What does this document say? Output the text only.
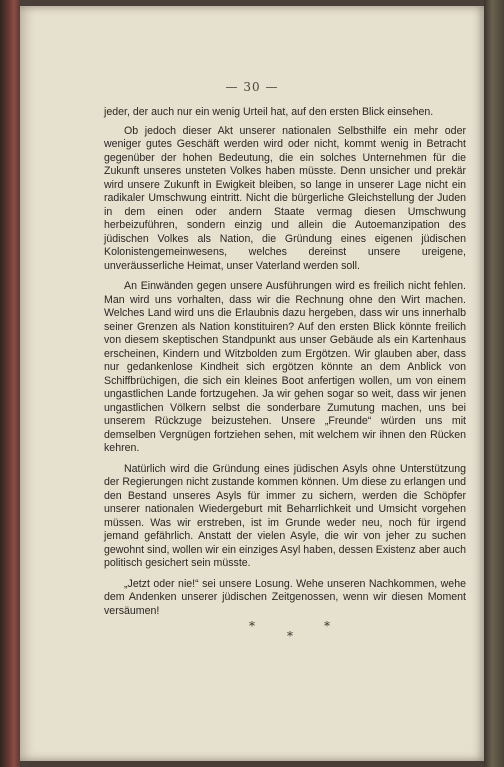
— 30 —

jeder, der auch nur ein wenig Urteil hat, auf den ersten Blick einsehen.

Ob jedoch dieser Akt unserer nationalen Selbsthilfe ein mehr oder weniger gutes Geschäft werden wird oder nicht, kommt wenig in Betracht gegenüber der hohen Bedeutung, die ein solches Unternehmen für die Zukunft unseres unsteten Volkes haben müsste. Denn unsicher und prekär wird unsere Zukunft in Ewigkeit bleiben, so lange in unserer Lage nicht ein radikaler Umschwung eintritt. Nicht die bürgerliche Gleichstellung der Juden in dem einen oder andern Staate vermag diesen Umschwung herbeizuführen, sondern einzig und allein die Autoemanzipation des jüdischen Volkes als Nation, die Gründung eines eigenen jüdischen Kolonistengemeinwesens, welches dereinst unsere ureigene, unveräusserliche Heimat, unser Vaterland werden soll.

An Einwänden gegen unsere Ausführungen wird es freilich nicht fehlen. Man wird uns vorhalten, dass wir die Rechnung ohne den Wirt machen. Welches Land wird uns die Erlaubnis dazu hergeben, dass wir uns innerhalb seiner Grenzen als Nation konstituiren? Auf den ersten Blick könnte freilich von diesem skeptischen Standpunkt aus unser Gebäude als ein Kartenhaus erscheinen, Kindern und Witzbolden zum Ergötzen. Wir glauben aber, dass nur gedankenlose Kindheit sich ergötzen könnte an dem Anblick von Schiffbrüchigen, die sich ein kleines Boot anfertigen wollen, um von einem ungastlichen Lande fortzugehen. Ja wir gehen sogar so weit, dass wir jenen ungastlichen Völkern selbst die sonderbare Zumutung machen, uns bei unserem Rückzuge beizustehen. Unsere „Freunde“ würden uns mit demselben Vergnügen fortziehen sehen, mit welchem wir ihnen den Rücken kehren.

Natürlich wird die Gründung eines jüdischen Asyls ohne Unterstützung der Regierungen nicht zustande kommen können. Um diese zu erlangen und den Bestand unseres Asyls für immer zu sichern, werden die Schöpfer unserer nationalen Wiedergeburt mit Beharrlichkeit und Umsicht vorgehen müssen. Was wir erstreben, ist im Grunde weder neu, noch für irgend jemand gefährlich. Anstatt der vielen Asyle, die wir von jeher zu suchen gewohnt sind, wollen wir ein einziges Asyl haben, dessen Existenz aber auch politisch gesichert sein müsste.

„Jetzt oder nie!“ sei unsere Losung. Wehe unseren Nachkommen, wehe dem Andenken unserer jüdischen Zeitgenossen, wenn wir diesen Moment versäumen!

*
*
*
